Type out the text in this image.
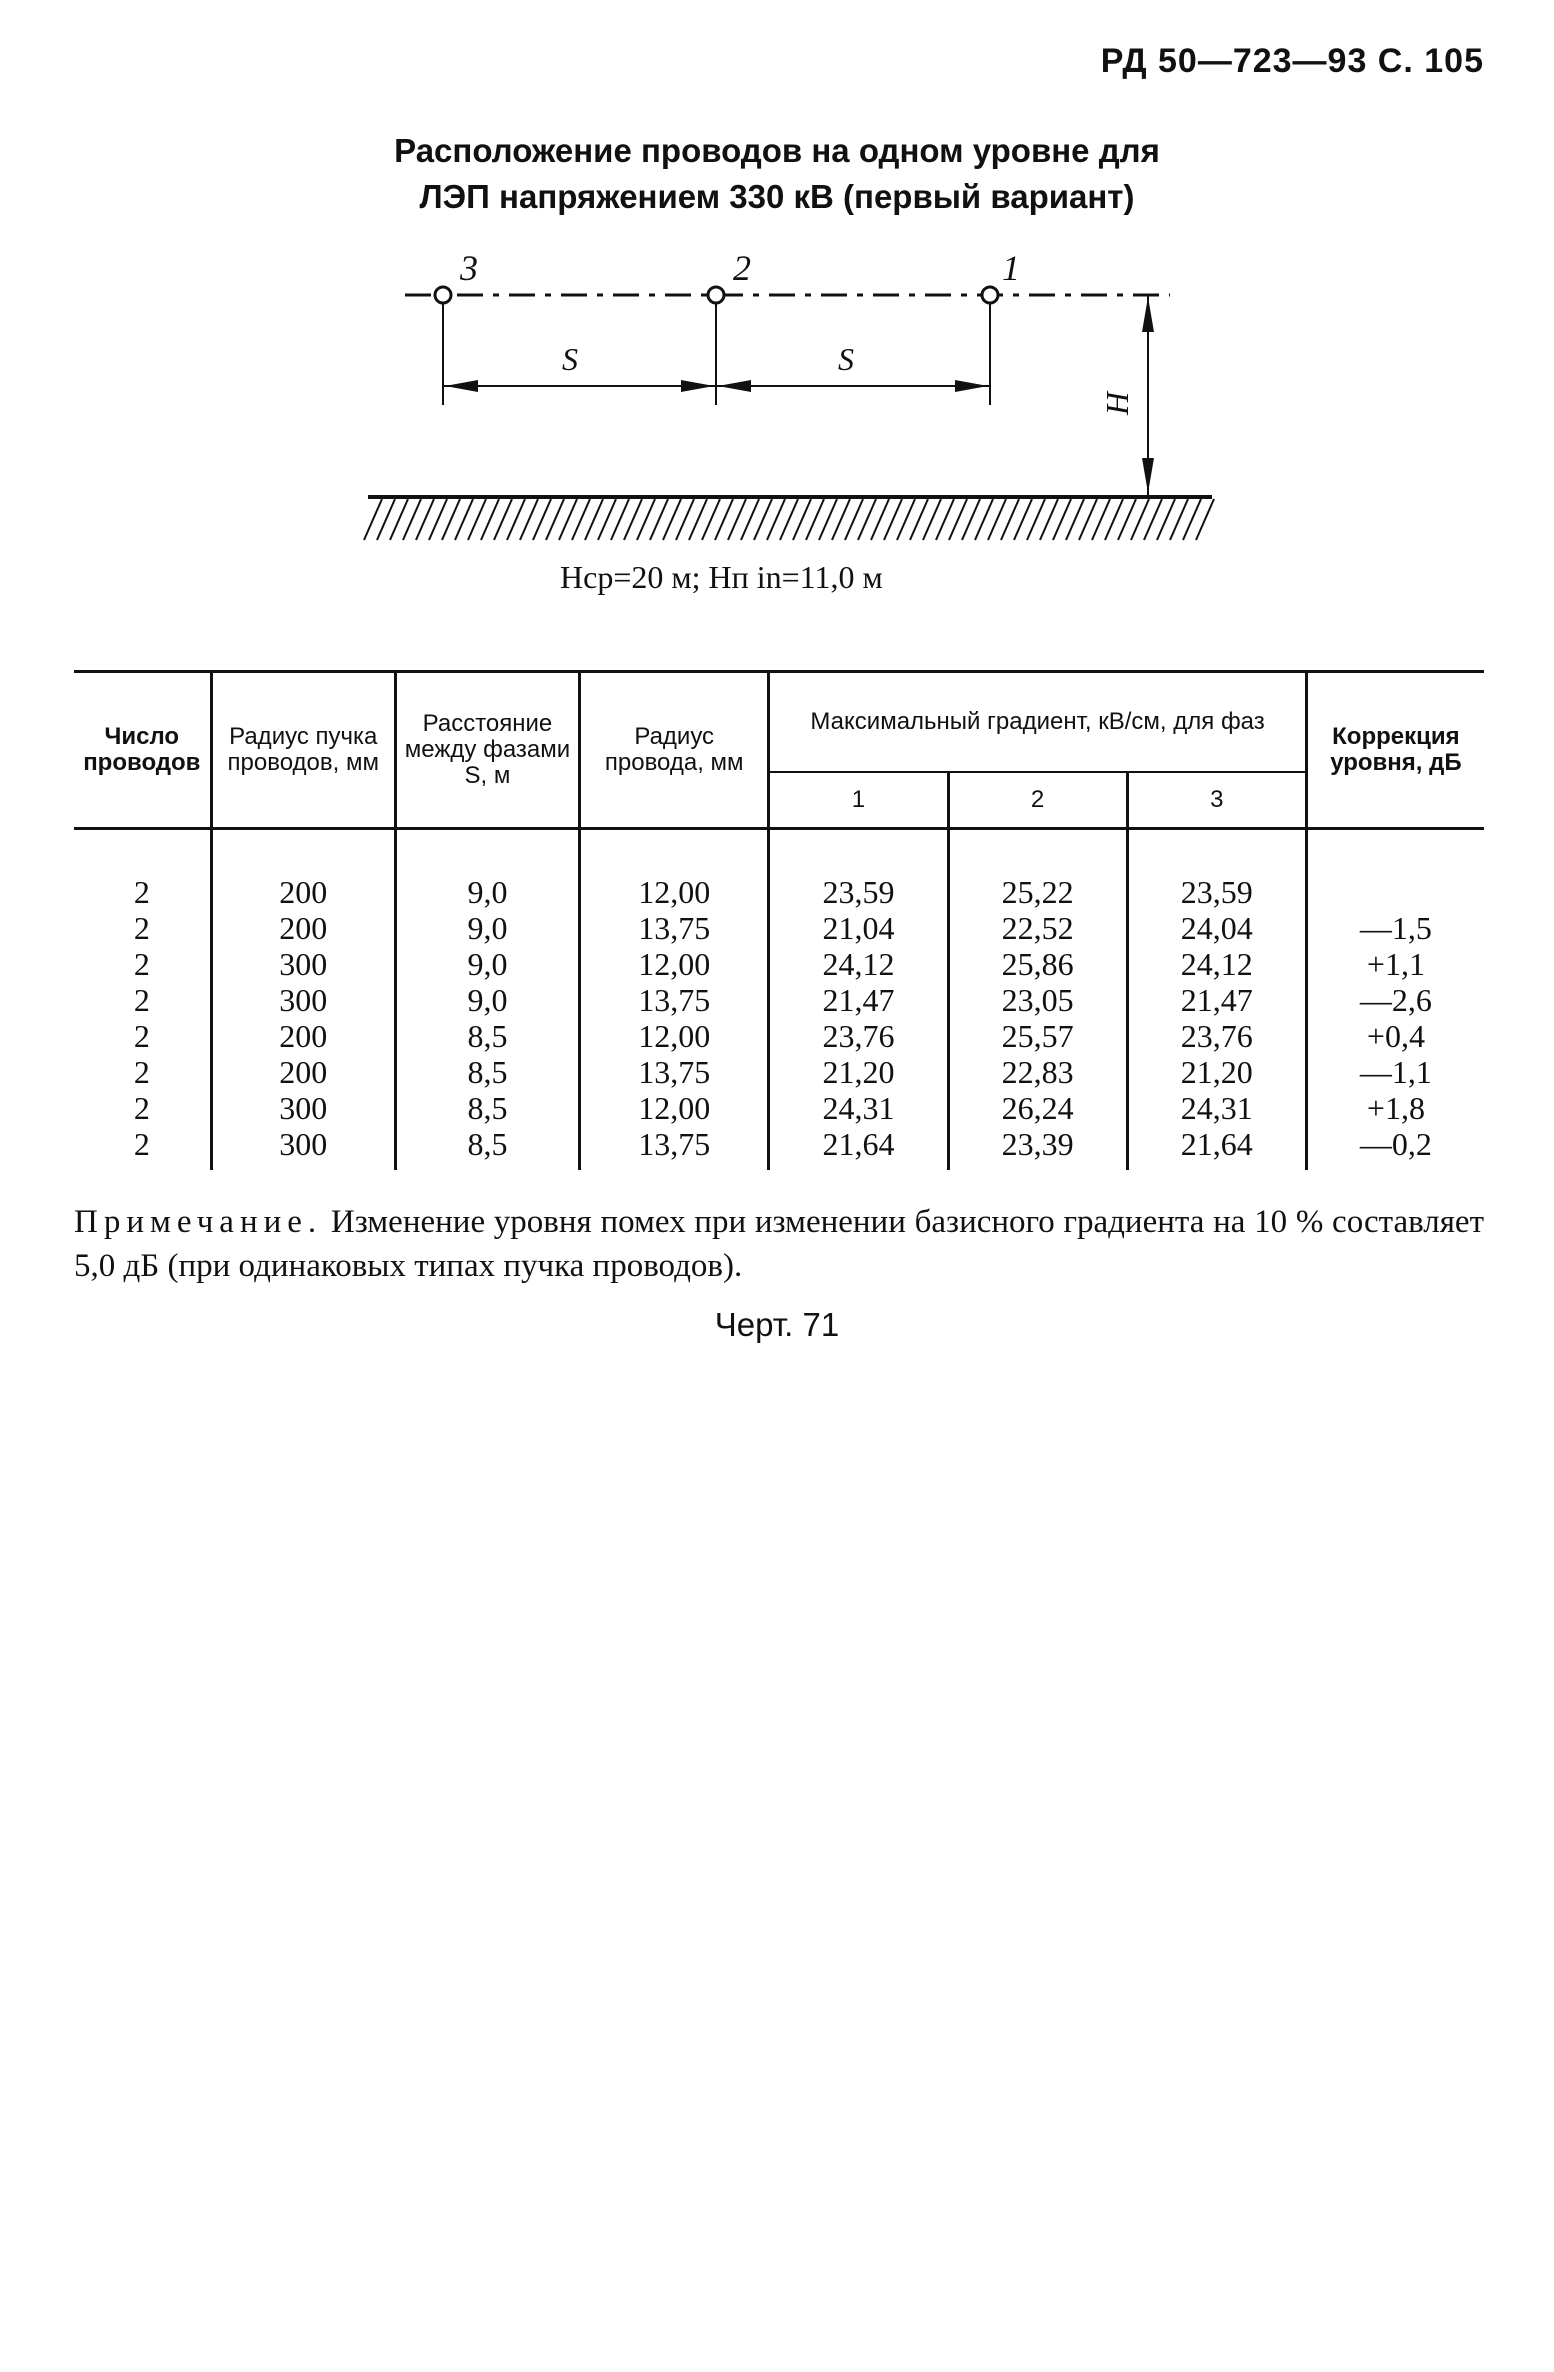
РД 50—723—93 С. 105
Расположение проводов на одном уровне для
ЛЭП напряжением 330 кВ (первый вариант)
3	2	1
S	S
H
Hср=20 м; Hп in=11,0 м
Число проводов	Радиус пучка проводов, мм	Расстояние между фазами S, м	Радиус провода, мм	Максимальный градиент, кВ/см, для фаз			Коррекция уровня, дБ
				1	2	3	
2	200	9,0	12,00	23,59	25,22	23,59	
2	200	9,0	13,75	21,04	22,52	24,04	—1,5
2	300	9,0	12,00	24,12	25,86	24,12	+1,1
2	300	9,0	13,75	21,47	23,05	21,47	—2,6
2	200	8,5	12,00	23,76	25,57	23,76	+0,4
2	200	8,5	13,75	21,20	22,83	21,20	—1,1
2	300	8,5	12,00	24,31	26,24	24,31	+1,8
2	300	8,5	13,75	21,64	23,39	21,64	—0,2
Примечание. Изменение уровня помех при изменении базисного градиента на 10 % составляет 5,0 дБ (при одинаковых типах пучка проводов).
Черт. 71
